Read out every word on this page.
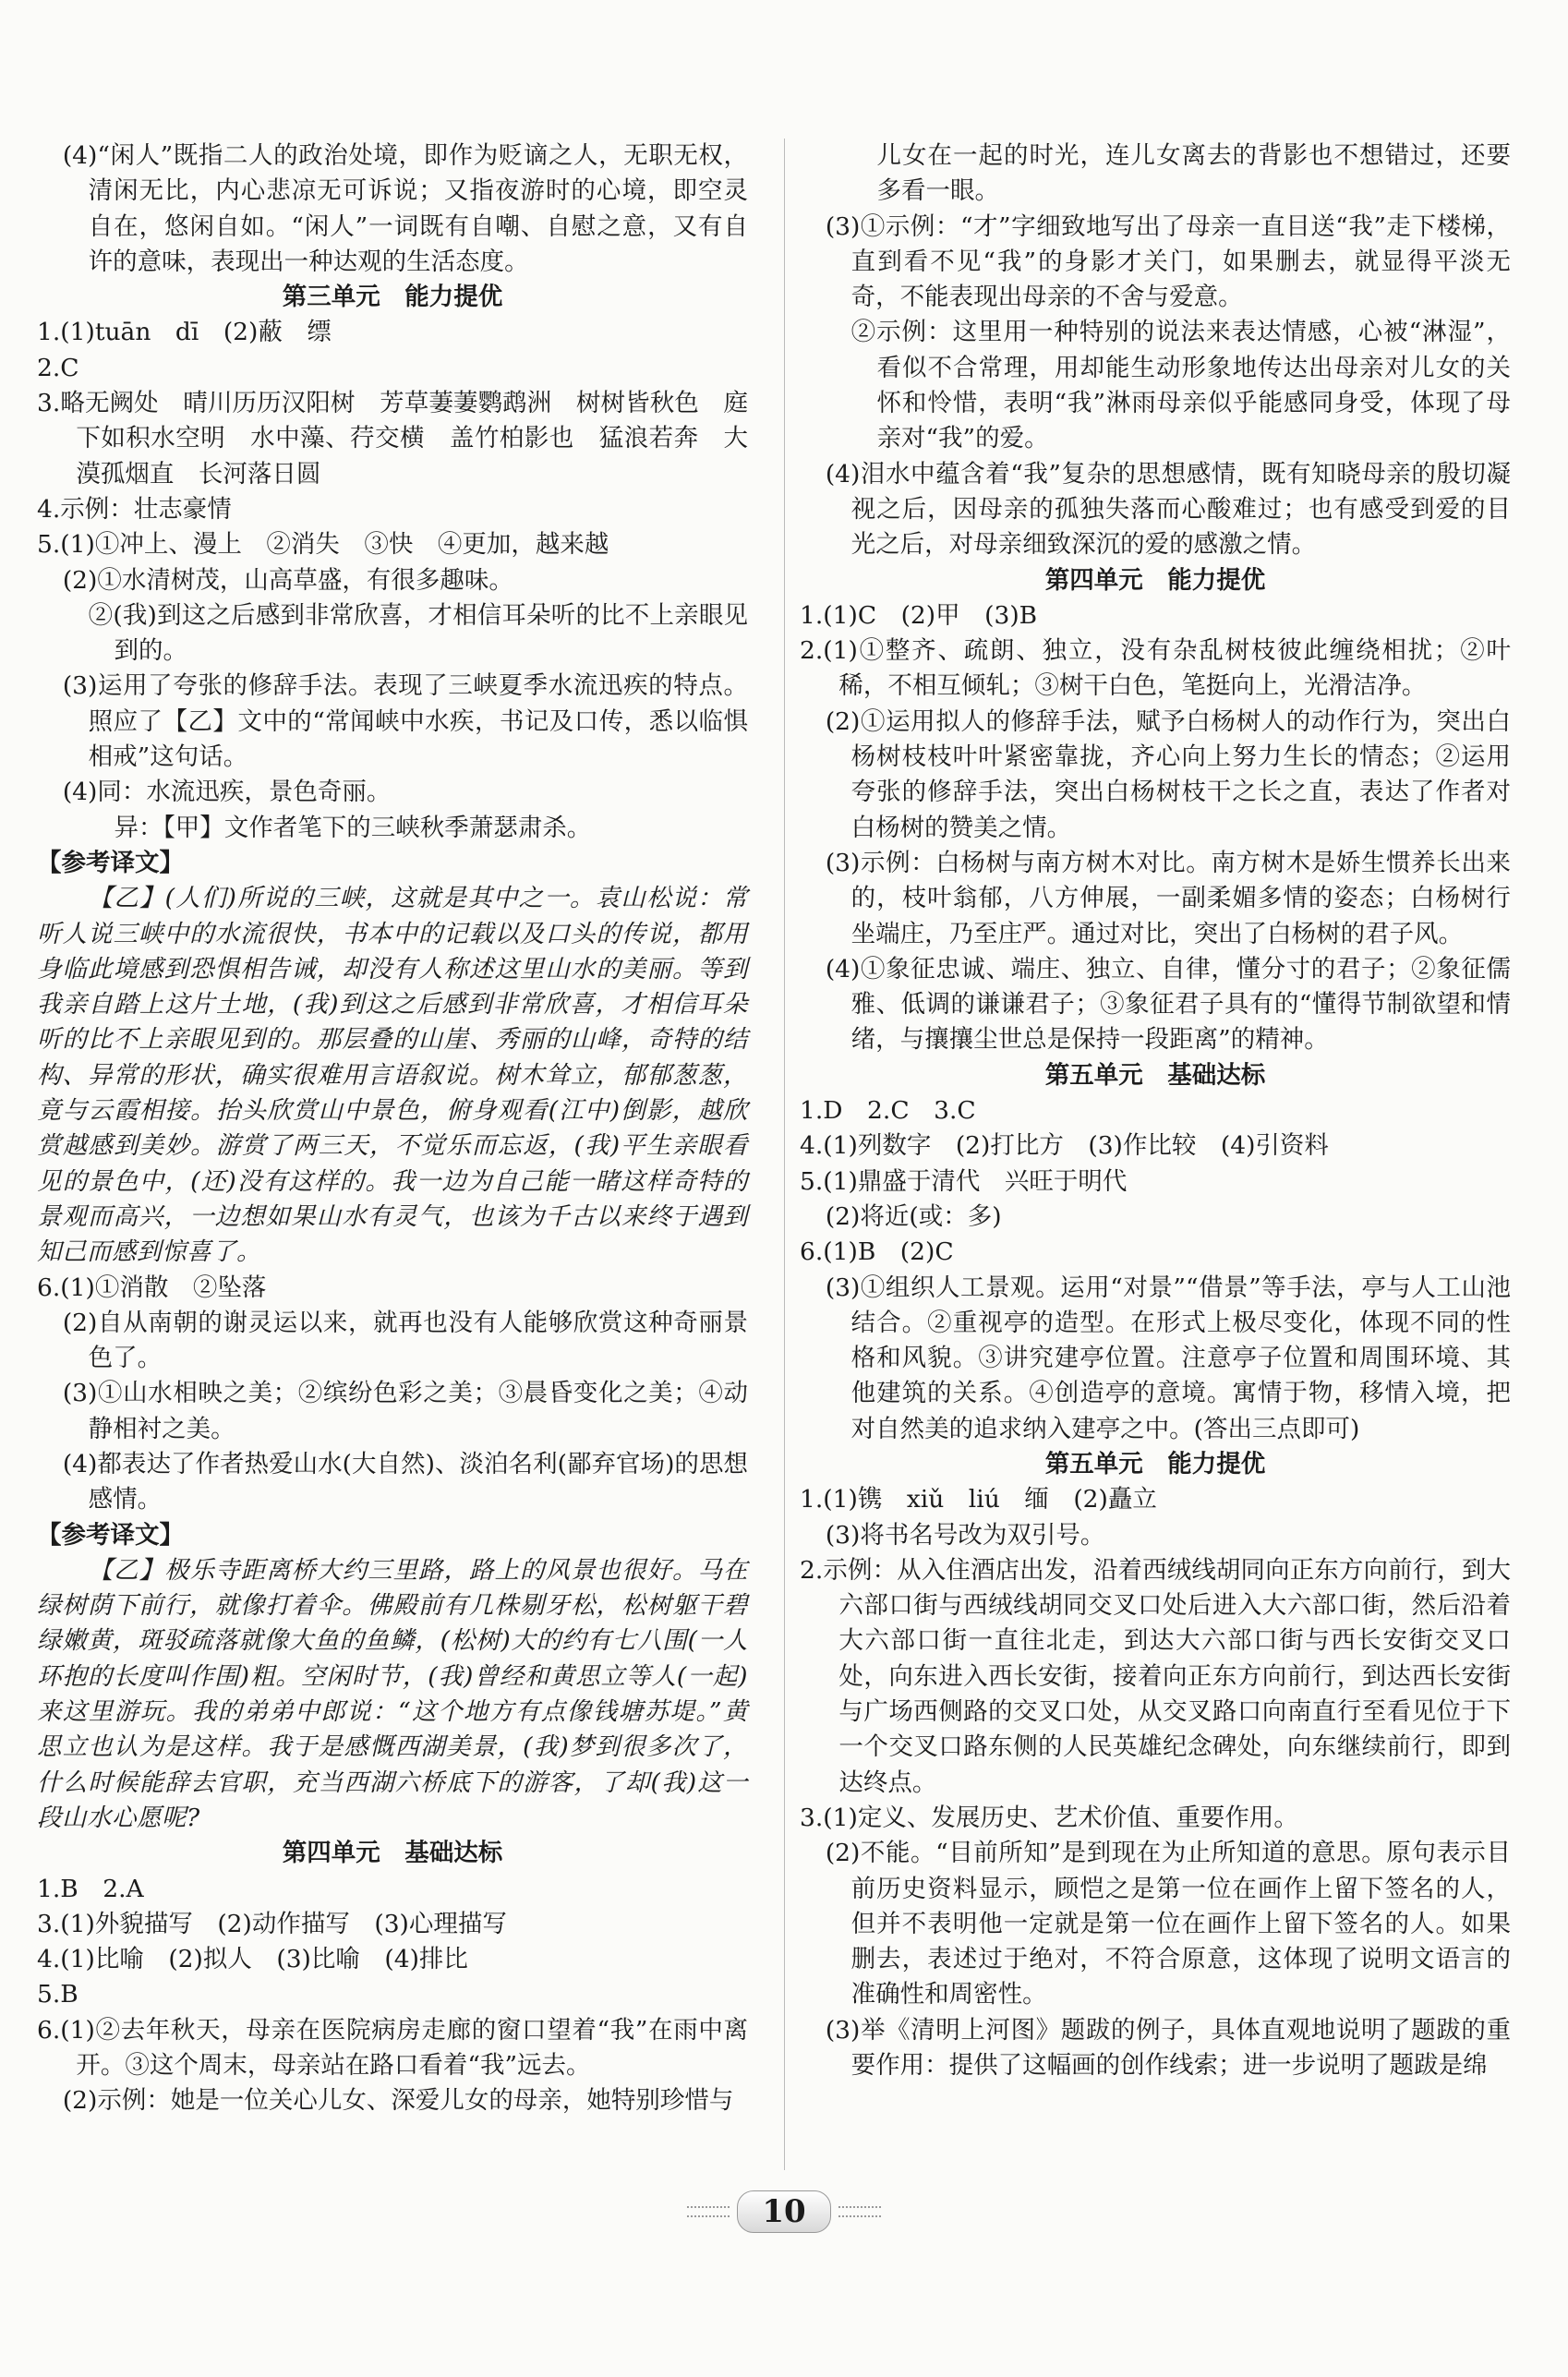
(4)“闲人”既指二人的政治处境，即作为贬谪之人，无职无权，清闲无比，内心悲凉无可诉说；又指夜游时的心境，即空灵自在，悠闲自如。“闲人”一词既有自嘲、自慰之意，又有自许的意味，表现出一种达观的生活态度。

第三单元　能力提优

1.(1)tuān　dī　(2)蔽　缥

2.C

3.略无阙处　晴川历历汉阳树　芳草萋萋鹦鹉洲　树树皆秋色　庭下如积水空明　水中藻、荇交横　盖竹柏影也　猛浪若奔　大漠孤烟直　长河落日圆

4.示例：壮志豪情

5.(1)①冲上、漫上　②消失　③快　④更加，越来越

(2)①水清树茂，山高草盛，有很多趣味。

②(我)到这之后感到非常欣喜，才相信耳朵听的比不上亲眼见到的。

(3)运用了夸张的修辞手法。表现了三峡夏季水流迅疾的特点。照应了【乙】文中的“常闻峡中水疾，书记及口传，悉以临惧相戒”这句话。

(4)同：水流迅疾，景色奇丽。

异：【甲】文作者笔下的三峡秋季萧瑟肃杀。

【参考译文】

【乙】(人们)所说的三峡，这就是其中之一。袁山松说：常听人说三峡中的水流很快，书本中的记载以及口头的传说，都用身临此境感到恐惧相告诫，却没有人称述这里山水的美丽。等到我亲自踏上这片土地，(我)到这之后感到非常欣喜，才相信耳朵听的比不上亲眼见到的。那层叠的山崖、秀丽的山峰，奇特的结构、异常的形状，确实很难用言语叙说。树木耸立，郁郁葱葱，竟与云霞相接。抬头欣赏山中景色，俯身观看(江中)倒影，越欣赏越感到美妙。游赏了两三天，不觉乐而忘返，(我)平生亲眼看见的景色中，(还)没有这样的。我一边为自己能一睹这样奇特的景观而高兴，一边想如果山水有灵气，也该为千古以来终于遇到知己而感到惊喜了。

6.(1)①消散　②坠落

(2)自从南朝的谢灵运以来，就再也没有人能够欣赏这种奇丽景色了。

(3)①山水相映之美；②缤纷色彩之美；③晨昏变化之美；④动静相衬之美。

(4)都表达了作者热爱山水(大自然)、淡泊名利(鄙弃官场)的思想感情。

【参考译文】

【乙】极乐寺距离桥大约三里路，路上的风景也很好。马在绿树荫下前行，就像打着伞。佛殿前有几株剔牙松，松树躯干碧绿嫩黄，斑驳疏落就像大鱼的鱼鳞，(松树)大的约有七八围(一人环抱的长度叫作围)粗。空闲时节，(我)曾经和黄思立等人(一起)来这里游玩。我的弟弟中郎说：“这个地方有点像钱塘苏堤。”黄思立也认为是这样。我于是感慨西湖美景，(我)梦到很多次了，什么时候能辞去官职，充当西湖六桥底下的游客，了却(我)这一段山水心愿呢?

第四单元　基础达标

1.B　2.A

3.(1)外貌描写　(2)动作描写　(3)心理描写

4.(1)比喻　(2)拟人　(3)比喻　(4)排比

5.B

6.(1)②去年秋天，母亲在医院病房走廊的窗口望着“我”在雨中离开。③这个周末，母亲站在路口看着“我”远去。

(2)示例：她是一位关心儿女、深爱儿女的母亲，她特别珍惜与

儿女在一起的时光，连儿女离去的背影也不想错过，还要多看一眼。

(3)①示例：“才”字细致地写出了母亲一直目送“我”走下楼梯，直到看不见“我”的身影才关门，如果删去，就显得平淡无奇，不能表现出母亲的不舍与爱意。

②示例：这里用一种特别的说法来表达情感，心被“淋湿”，看似不合常理，用却能生动形象地传达出母亲对儿女的关怀和怜惜，表明“我”淋雨母亲似乎能感同身受，体现了母亲对“我”的爱。

(4)泪水中蕴含着“我”复杂的思想感情，既有知晓母亲的殷切凝视之后，因母亲的孤独失落而心酸难过；也有感受到爱的目光之后，对母亲细致深沉的爱的感激之情。

第四单元　能力提优

1.(1)C　(2)甲　(3)B

2.(1)①整齐、疏朗、独立，没有杂乱树枝彼此缠绕相扰；②叶稀，不相互倾轧；③树干白色，笔挺向上，光滑洁净。

(2)①运用拟人的修辞手法，赋予白杨树人的动作行为，突出白杨树枝枝叶叶紧密靠拢，齐心向上努力生长的情态；②运用夸张的修辞手法，突出白杨树枝干之长之直，表达了作者对白杨树的赞美之情。

(3)示例：白杨树与南方树木对比。南方树木是娇生惯养长出来的，枝叶翁郁，八方伸展，一副柔媚多情的姿态；白杨树行坐端庄，乃至庄严。通过对比，突出了白杨树的君子风。

(4)①象征忠诚、端庄、独立、自律，懂分寸的君子；②象征儒雅、低调的谦谦君子；③象征君子具有的“懂得节制欲望和情绪，与攘攘尘世总是保持一段距离”的精神。

第五单元　基础达标

1.D　2.C　3.C

4.(1)列数字　(2)打比方　(3)作比较　(4)引资料

5.(1)鼎盛于清代　兴旺于明代

(2)将近(或：多)

6.(1)B　(2)C

(3)①组织人工景观。运用“对景”“借景”等手法，亭与人工山池结合。②重视亭的造型。在形式上极尽变化，体现不同的性格和风貌。③讲究建亭位置。注意亭子位置和周围环境、其他建筑的关系。④创造亭的意境。寓情于物，移情入境，把对自然美的追求纳入建亭之中。(答出三点即可)

第五单元　能力提优

1.(1)镌　xiǔ　liú　缅　(2)矗立

(3)将书名号改为双引号。

2.示例：从入住酒店出发，沿着西绒线胡同向正东方向前行，到大六部口街与西绒线胡同交叉口处后进入大六部口街，然后沿着大六部口街一直往北走，到达大六部口街与西长安街交叉口处，向东进入西长安街，接着向正东方向前行，到达西长安街与广场西侧路的交叉口处，从交叉路口向南直行至看见位于下一个交叉口路东侧的人民英雄纪念碑处，向东继续前行，即到达终点。

3.(1)定义、发展历史、艺术价值、重要作用。

(2)不能。“目前所知”是到现在为止所知道的意思。原句表示目前历史资料显示，顾恺之是第一位在画作上留下签名的人，但并不表明他一定就是第一位在画作上留下签名的人。如果删去，表述过于绝对，不符合原意，这体现了说明文语言的准确性和周密性。

(3)举《清明上河图》题跋的例子，具体直观地说明了题跋的重要作用：提供了这幅画的创作线索；进一步说明了题跋是绵

10
